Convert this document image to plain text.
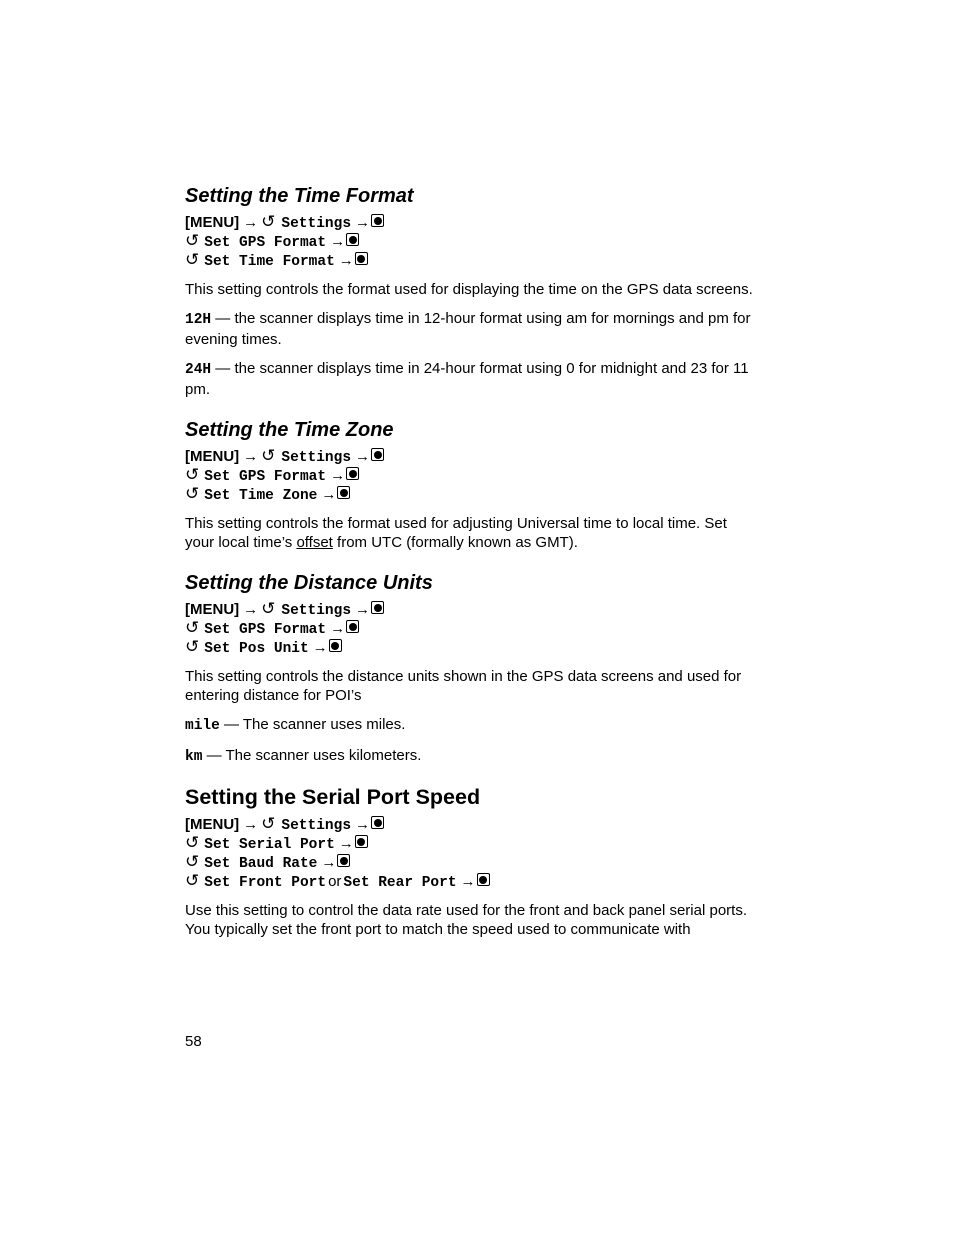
Setting the Time Format
[MENU] → ↺ Settings →
↺ Set GPS Format →
↺ Set Time Format →

This setting controls the format used for displaying the time on the GPS data screens.

12H — the scanner displays time in 12-hour format using am for mornings and pm for evening times.

24H — the scanner displays time in 24-hour format using 0 for midnight and 23 for 11 pm.

Setting the Time Zone
[MENU] → ↺ Settings →
↺ Set GPS Format →
↺ Set Time Zone →

This setting controls the format used for adjusting Universal time to local time. Set your local time’s offset from UTC (formally known as GMT).

Setting the Distance Units
[MENU] → ↺ Settings →
↺ Set GPS Format →
↺ Set Pos Unit →

This setting controls the distance units shown in the GPS data screens and used for entering distance for POI’s

mile — The scanner uses miles.

km — The scanner uses kilometers.

Setting the Serial Port Speed
[MENU] → ↺ Settings →
↺ Set Serial Port →
↺ Set Baud Rate →
↺ Set Front Port or Set Rear Port →

Use this setting to control the data rate used for the front and back panel serial ports. You typically set the front port to match the speed used to communicate with

58
